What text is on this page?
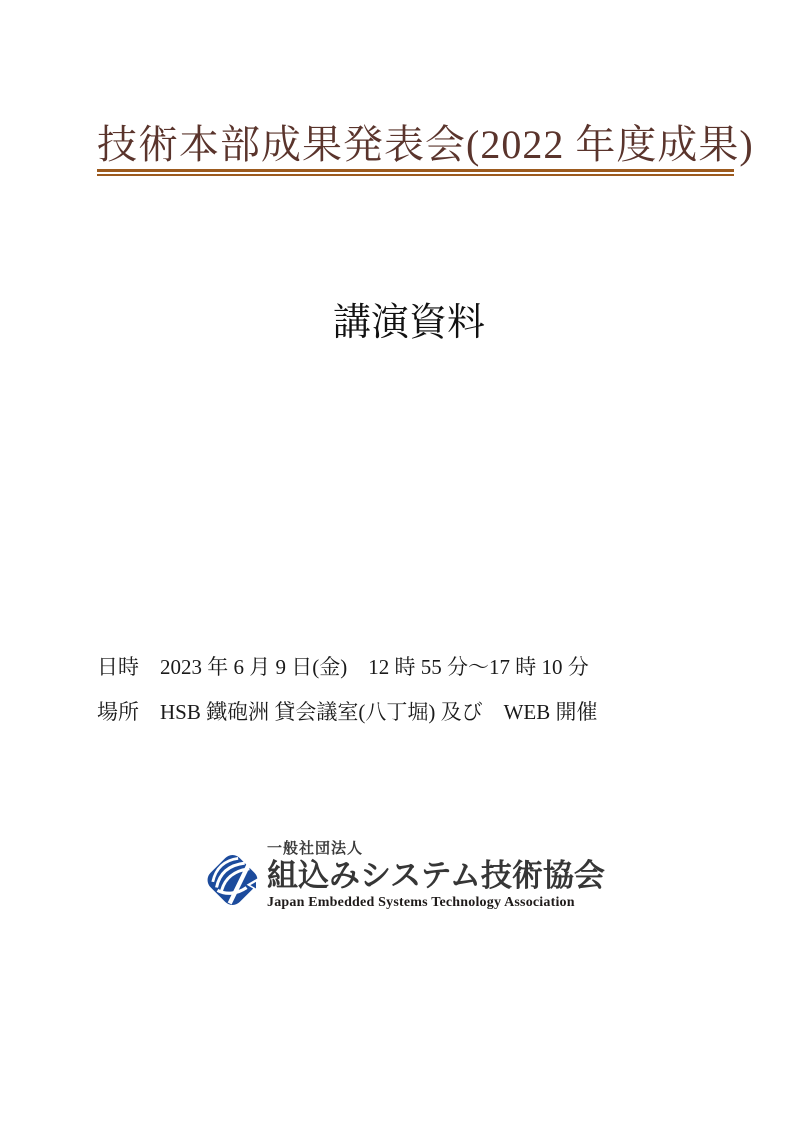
技術本部成果発表会(2022 年度成果)
講演資料
日時　2023 年 6 月 9 日(金)　12 時 55 分～17 時 10 分
場所　HSB 鐵砲洲 貸会議室(八丁堀) 及び　WEB 開催
一般社団法人
組込みシステム技術協会
Japan Embedded Systems Technology Association
